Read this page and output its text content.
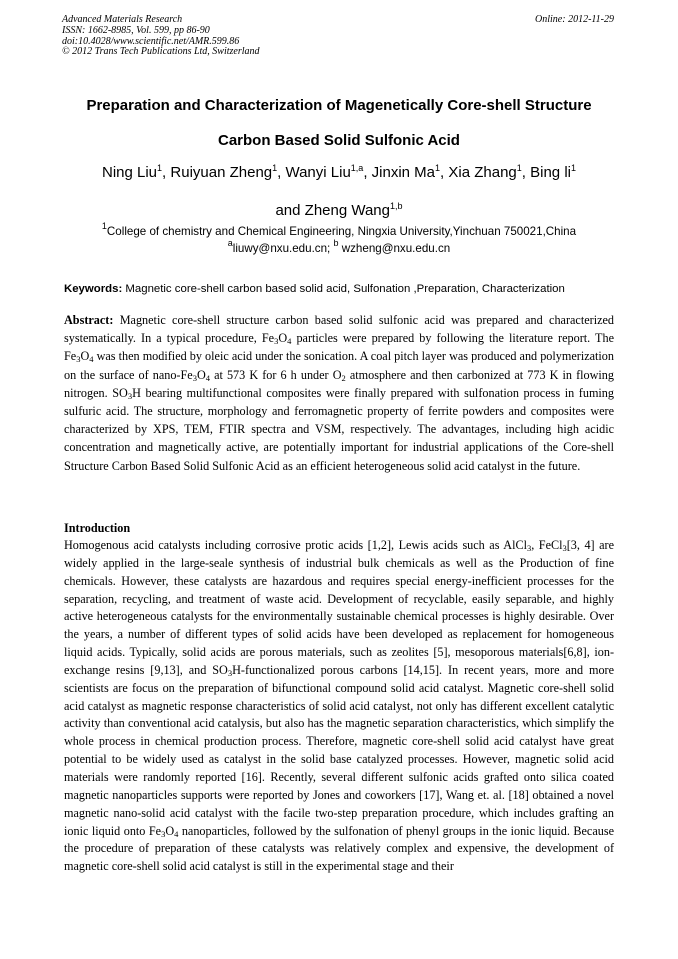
Advanced Materials Research
ISSN: 1662-8985, Vol. 599, pp 86-90
doi:10.4028/www.scientific.net/AMR.599.86
© 2012 Trans Tech Publications Ltd, Switzerland
Online: 2012-11-29
Preparation and Characterization of Magenetically Core-shell Structure
Carbon Based Solid Sulfonic Acid
Ning Liu$^1$, Ruiyuan Zheng$^1$, Wanyi Liu$^{1,a}$, Jinxin Ma$^1$, Xia Zhang$^1$, Bing $li^1$
and Zheng Wang$^{1,b}$
$^1$College of chemistry and Chemical Engineering, Ningxia University,Yinchuan 750021,China
$^a$liuwy@nxu.edu.cn; $^b$ wzheng@nxu.edu.cn
Keywords: Magnetic core-shell carbon based solid acid, Sulfonation ,Preparation, Characterization
Abstract: Magnetic core-shell structure carbon based solid sulfonic acid was prepared and characterized systematically. In a typical procedure, $Fe_3O_4$ particles were prepared by following the literature report. The $Fe_3O_4$ was then modified by oleic acid under the sonication. A coal pitch layer was produced and polymerization on the surface of nano-$Fe_3O_4$ at 573 K for 6 h under $O_2$ atmosphere and then carbonized at 773 K in flowing nitrogen. $SO_3H$ bearing multifunctional composites were finally prepared with sulfonation process in fuming sulfuric acid. The structure, morphology and ferromagnetic property of ferrite powders and composites were characterized by XPS, TEM, FTIR spectra and VSM, respectively. The advantages, including high acidic concentration and magnetically active, are potentially important for industrial applications of the Core-shell Structure Carbon Based Solid Sulfonic Acid as an efficient heterogeneous solid acid catalyst in the future.
Introduction
Homogenous acid catalysts including corrosive protic acids [1,2], Lewis acids such as AlCl$_3$, FeCl$_3$[3, 4] are widely applied in the large-seale synthesis of industrial bulk chemicals as well as the Production of fine chemicals. However, these catalysts are hazardous and requires special energy-inefficient processes for the separation, recycling, and treatment of waste acid. Development of recyclable, easily separable, and highly active heterogeneous catalysts for the environmentally sustainable chemical processes is highly desirable. Over the years, a number of different types of solid acids have been developed as replacement for homogeneous liquid acids. Typically, solid acids are porous materials, such as zeolites [5], mesoporous materials[6,8], ion-exchange resins [9,13], and $SO_3H$-functionalized porous carbons [14,15]. In recent years, more and more scientists are focus on the preparation of bifunctional compound solid acid catalyst. Magnetic core-shell solid acid catalyst as magnetic response characteristics of solid acid catalyst, not only has different excellent catalytic activity than conventional acid catalysis, but also has the magnetic separation characteristics, which simplify the whole process in chemical production process. Therefore, magnetic core-shell solid acid catalyst have great potential to be widely used as catalyst in the solid base catalyzed processes. However, magnetic solid acid materials were randomly reported [16]. Recently, several different sulfonic acids grafted onto silica coated magnetic nanoparticles supports were reported by Jones and coworkers [17], Wang et. al. [18] obtained a novel magnetic nano-solid acid catalyst with the facile two-step preparation procedure, which includes grafting an ionic liquid onto $Fe_3O_4$ nanoparticles, followed by the sulfonation of phenyl groups in the ionic liquid. Because the procedure of preparation of these catalysts was relatively complex and expensive, the development of magnetic core-shell solid acid catalyst is still in the experimental stage and their
